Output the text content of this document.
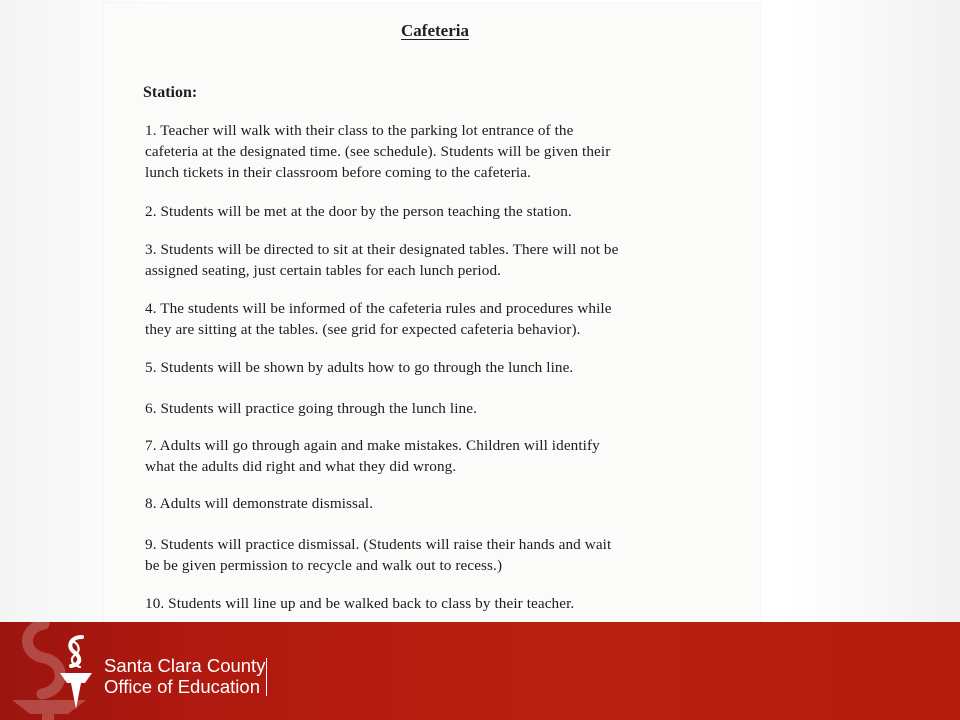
Cafeteria
Station:
1. Teacher will walk with their class to the parking lot entrance of the
cafeteria at the designated time. (see schedule). Students will be given their
lunch tickets in their classroom before coming to the cafeteria.
2. Students will be met at the door by the person teaching the station.
3. Students will be directed to sit at their designated tables. There will not be
assigned seating, just certain tables for each lunch period.
4. The students will be informed of the cafeteria rules and procedures while
they are sitting at the tables. (see grid for expected cafeteria behavior).
5. Students will be shown by adults how to go through the lunch line.
6. Students will practice going through the lunch line.
7. Adults will go through again and make mistakes. Children will identify
what the adults did right and what they did wrong.
8. Adults will demonstrate dismissal.
9. Students will practice dismissal. (Students will raise their hands and wait
be be given permission to recycle and walk out to recess.)
10. Students will line up and be walked back to class by their teacher.
Santa Clara County
Office of Education
